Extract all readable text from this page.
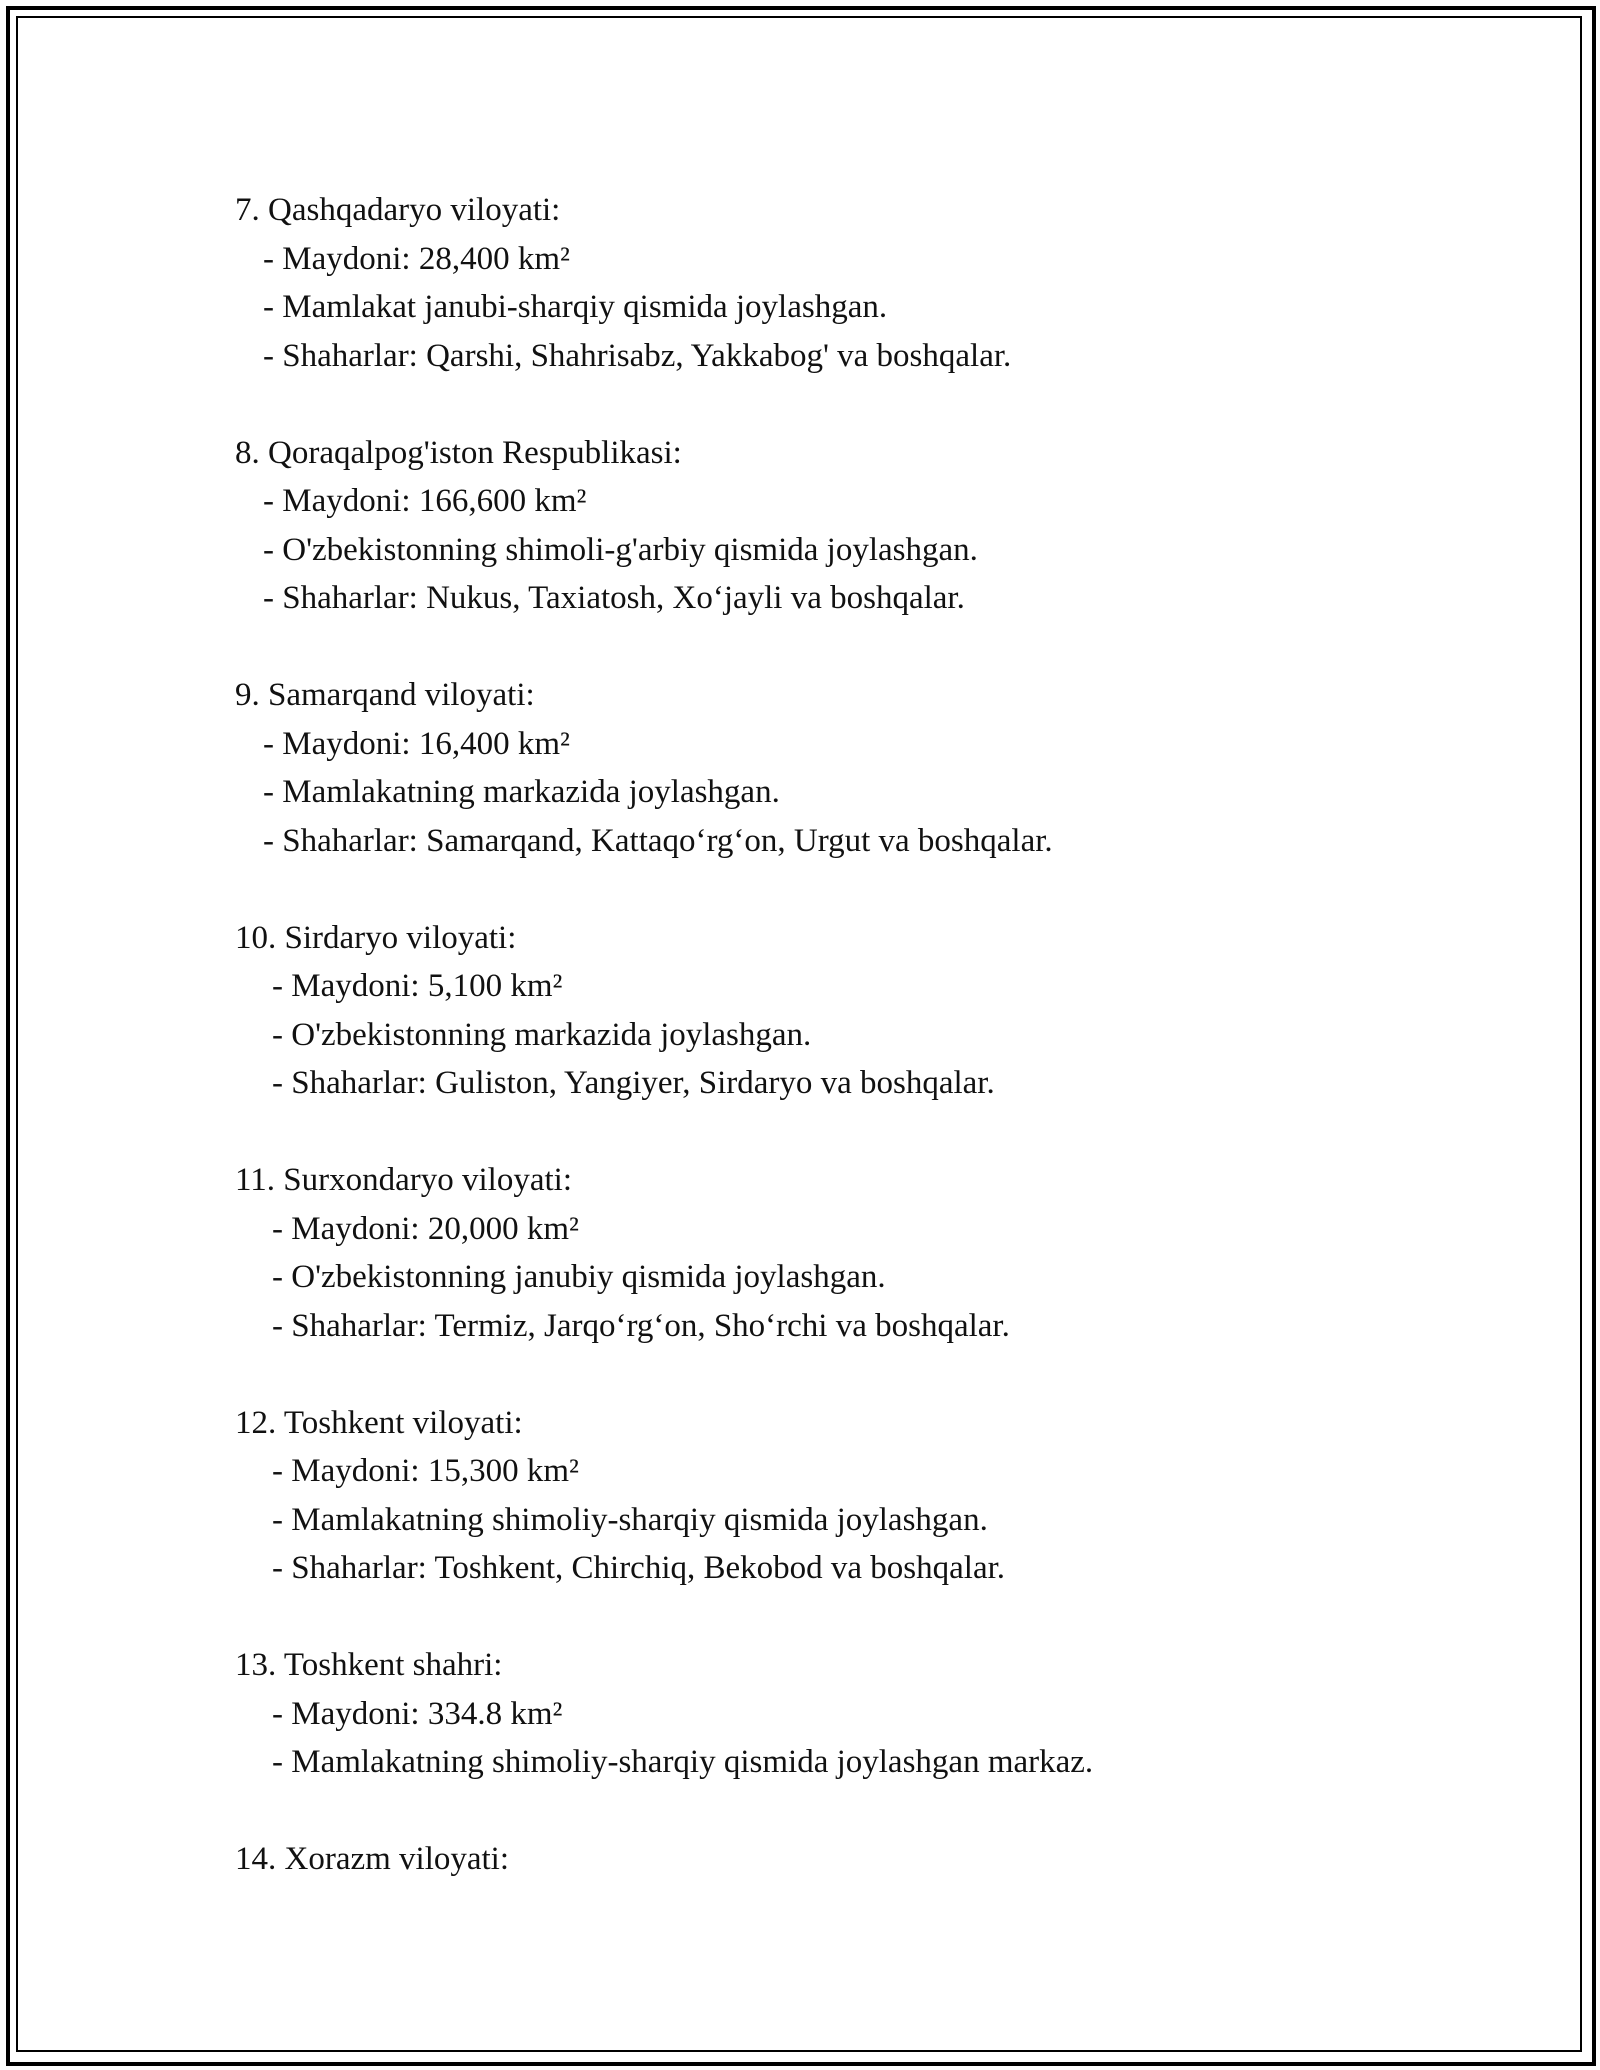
7. Qashqadaryo viloyati:
- Maydoni: 28,400 km²
- Mamlakat janubi-sharqiy qismida joylashgan.
- Shaharlar: Qarshi, Shahrisabz, Yakkabog' va boshqalar.
8. Qoraqalpog'iston Respublikasi:
- Maydoni: 166,600 km²
- O'zbekistonning shimoli-g'arbiy qismida joylashgan.
- Shaharlar: Nukus, Taxiatosh, Xo‘jayli va boshqalar.
9. Samarqand viloyati:
- Maydoni: 16,400 km²
- Mamlakatning markazida joylashgan.
- Shaharlar: Samarqand, Kattaqo‘rg‘on, Urgut va boshqalar.
10. Sirdaryo viloyati:
- Maydoni: 5,100 km²
- O'zbekistonning markazida joylashgan.
- Shaharlar: Guliston, Yangiyer, Sirdaryo va boshqalar.
11. Surxondaryo viloyati:
- Maydoni: 20,000 km²
- O'zbekistonning janubiy qismida joylashgan.
- Shaharlar: Termiz, Jarqo‘rg‘on, Sho‘rchi va boshqalar.
12. Toshkent viloyati:
- Maydoni: 15,300 km²
- Mamlakatning shimoliy-sharqiy qismida joylashgan.
- Shaharlar: Toshkent, Chirchiq, Bekobod va boshqalar.
13. Toshkent shahri:
- Maydoni: 334.8 km²
- Mamlakatning shimoliy-sharqiy qismida joylashgan markaz.
14. Xorazm viloyati:
